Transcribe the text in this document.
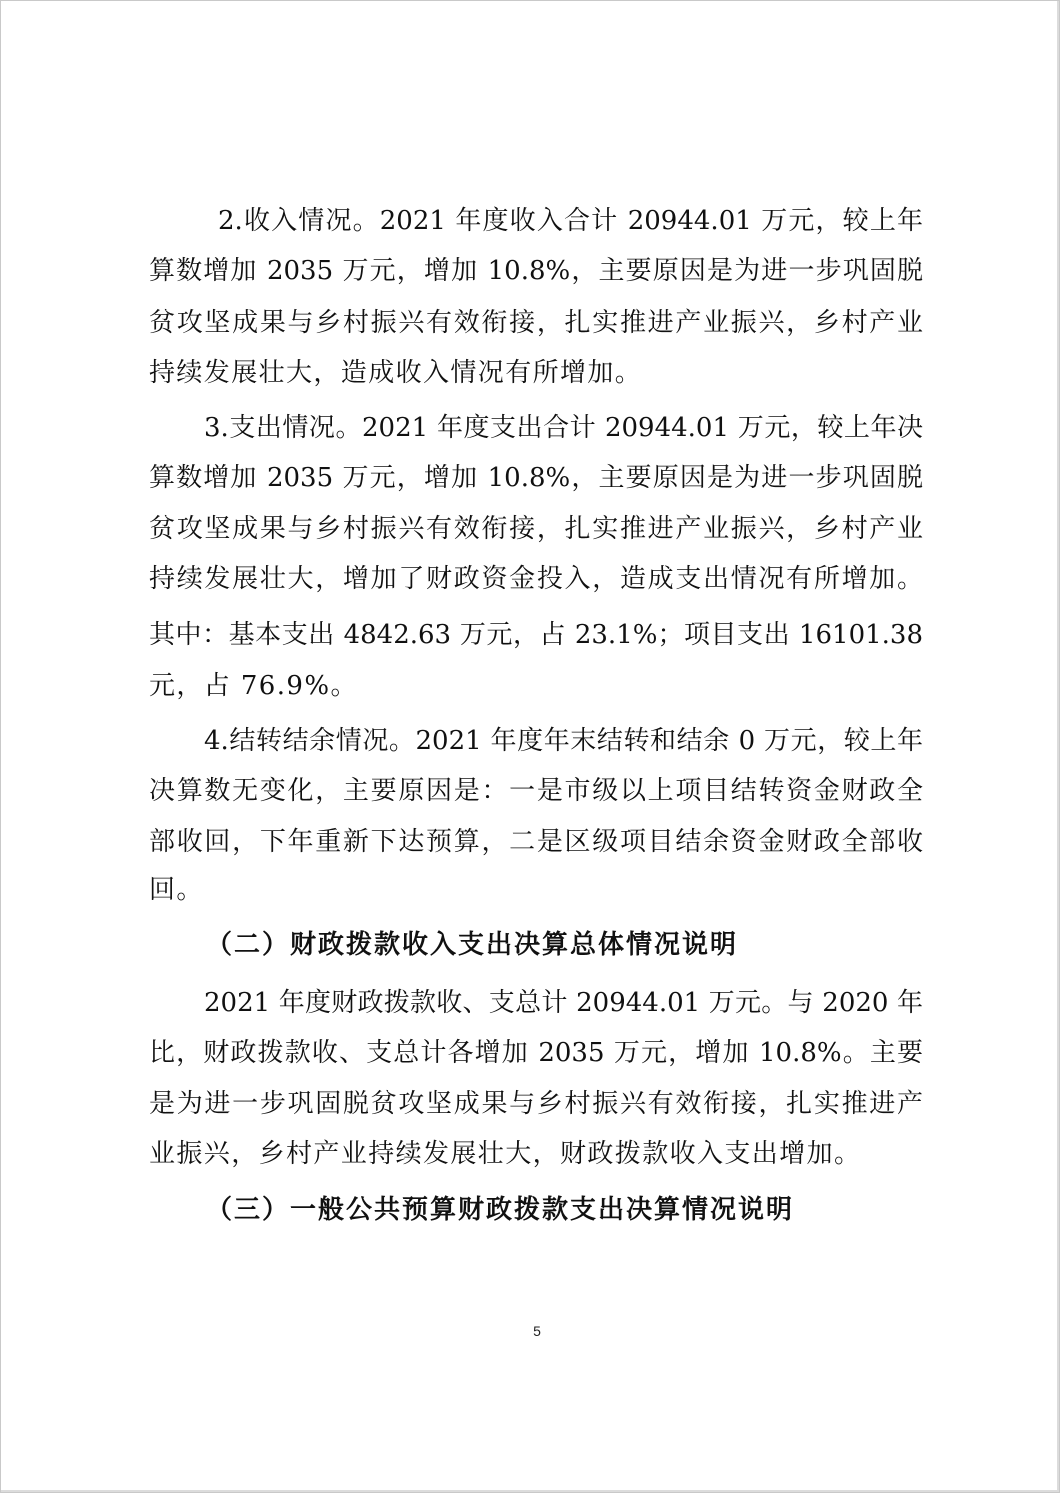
2.收入情况。2021 年度收入合计 20944.01 万元，较上年
算数增加 2035 万元，增加 10.8%，主要原因是为进一步巩固脱
贫攻坚成果与乡村振兴有效衔接，扎实推进产业振兴，乡村产业
持续发展壮大，造成收入情况有所增加。
3.支出情况。2021 年度支出合计 20944.01 万元，较上年决
算数增加 2035 万元，增加 10.8%，主要原因是为进一步巩固脱
贫攻坚成果与乡村振兴有效衔接，扎实推进产业振兴，乡村产业
持续发展壮大，增加了财政资金投入，造成支出情况有所增加。
其中：基本支出 4842.63 万元，占 23.1%；项目支出 16101.38
元，占 76.9%。
4.结转结余情况。2021 年度年末结转和结余 0 万元，较上年
决算数无变化，主要原因是：一是市级以上项目结转资金财政全
部收回，下年重新下达预算，二是区级项目结余资金财政全部收
回。
（二）财政拨款收入支出决算总体情况说明
2021 年度财政拨款收、支总计 20944.01 万元。与 2020 年
比，财政拨款收、支总计各增加 2035 万元，增加 10.8%。主要
是为进一步巩固脱贫攻坚成果与乡村振兴有效衔接，扎实推进产
业振兴，乡村产业持续发展壮大，财政拨款收入支出增加。
（三）一般公共预算财政拨款支出决算情况说明
5
